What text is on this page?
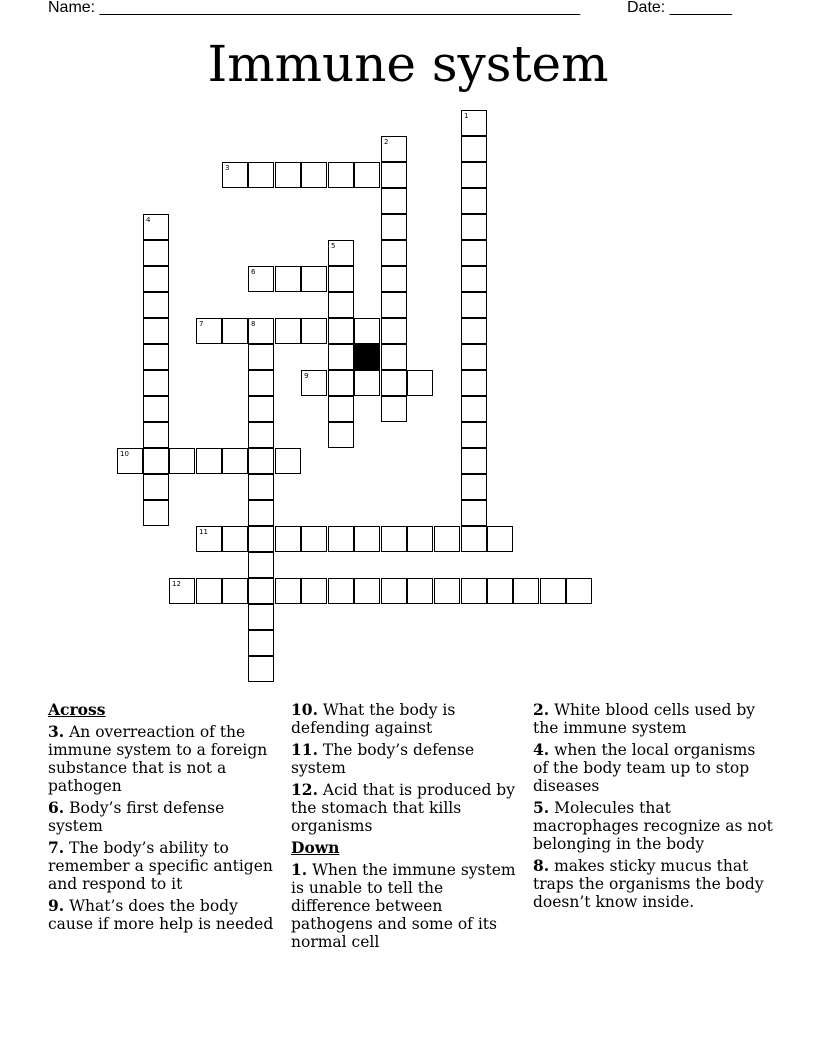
Name: ______________________________________________________	Date: _______
Immune system
1
2
3
4
5
6
7	8
9
10
11
12
Across
3. An overreaction of the immune system to a foreign substance that is not a pathogen
6. Body’s first defense system
7. The body’s ability to remember a specific antigen and respond to it
9. What’s does the body cause if more help is needed
10. What the body is defending against
11. The body’s defense system
12. Acid that is produced by the stomach that kills organisms
Down
1. When the immune system is unable to tell the difference between pathogens and some of its normal cell
2. White blood cells used by the immune system
4. when the local organisms of the body team up to stop diseases
5. Molecules that macrophages recognize as not belonging in the body
8. makes sticky mucus that traps the organisms the body doesn’t know inside.
